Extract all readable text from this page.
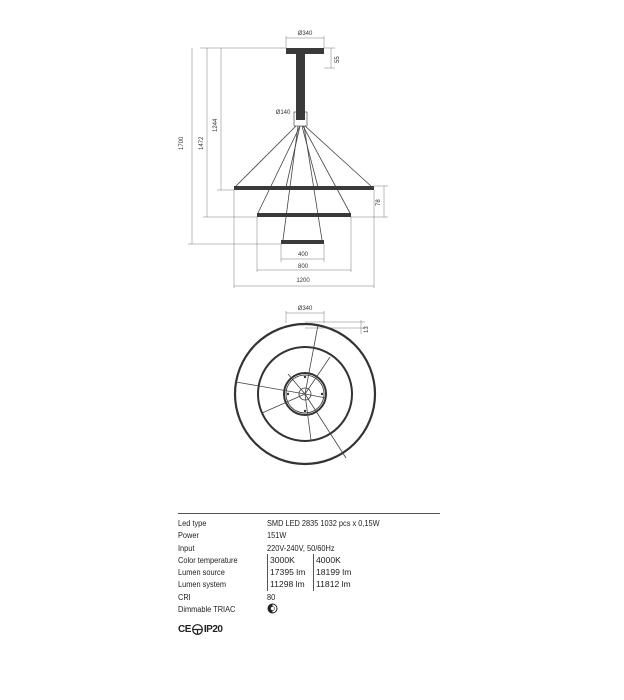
Ø340
55
Ø140
1700 1472
1244
78
400
800
1200
Ø340
13
Led type	SMD LED 2835 1032 pcs x 0,15W
Power	151W
Input	220V-240V, 50/60Hz
Color temperature	3000K	4000K
Lumen source	17395 lm	18199 lm
Lumen system	11298 lm	11812 lm
CRI	80
Dimmable TRIAC
CE IP20
